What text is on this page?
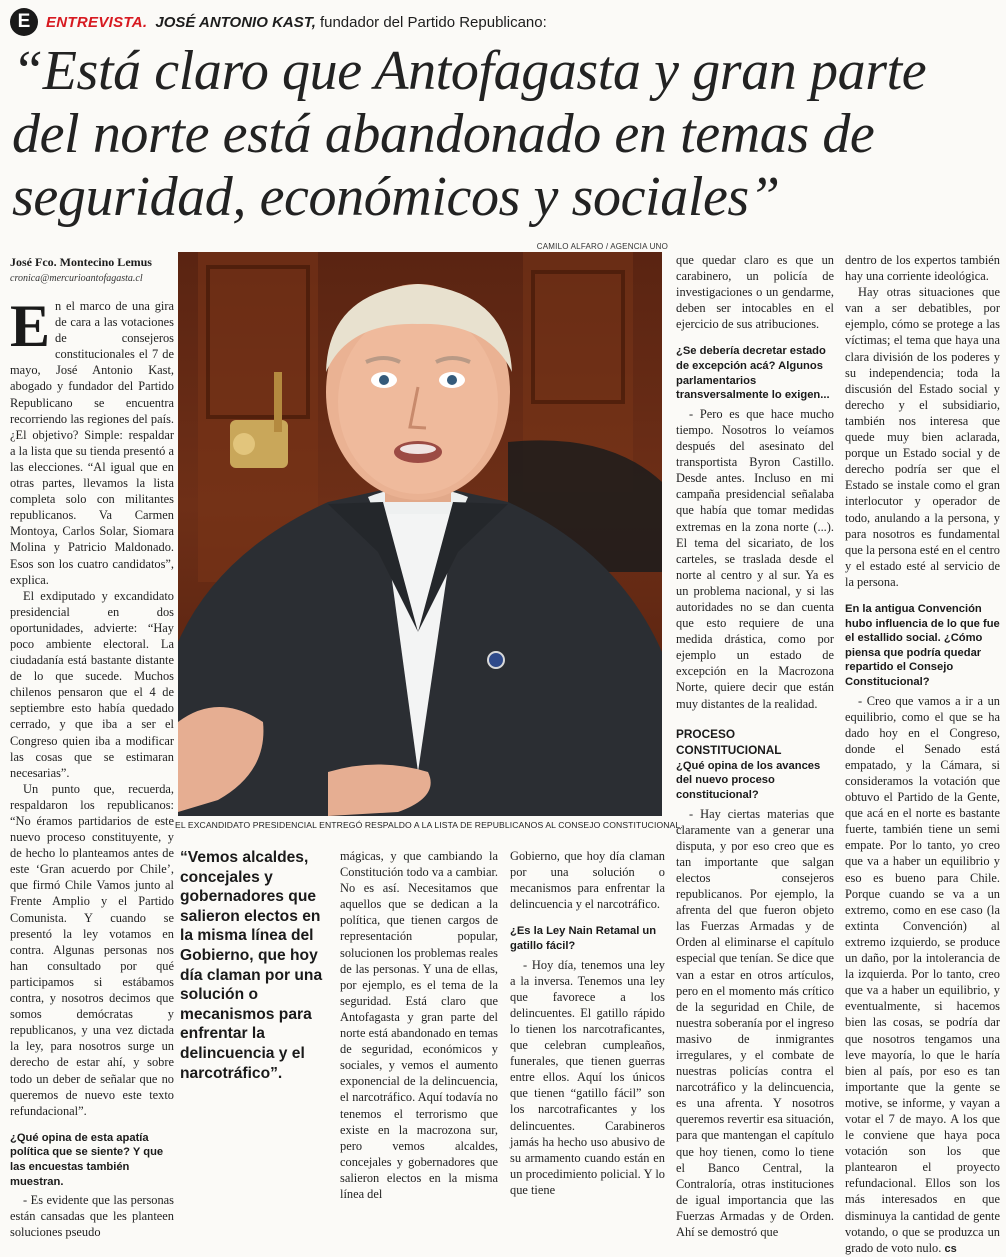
E	ENTREVISTA. JOSÉ ANTONIO KAST, fundador del Partido Republicano:
“Está claro que Antofagasta y gran parte
del norte está abandonado en temas de
seguridad, económicos y sociales”
José Fco. Montecino Lemus
cronica@mercurioantofagasta.cl
CAMILO ALFARO / AGENCIA UNO
EL EXCANDIDATO PRESIDENCIAL ENTREGÓ RESPALDO A LA LISTA DE REPUBLICANOS AL CONSEJO CONSTITUCIONAL.

En el marco de una gira de cara a las votaciones de consejeros constitucionales el 7 de mayo, José Antonio Kast, abogado y fundador del Partido Republicano se encuentra recorriendo las regiones del país. ¿El objetivo? Simple: respaldar a la lista que su tienda presentó a las elecciones. “Al igual que en otras partes, llevamos la lista completa solo con militantes republicanos. Va Carmen Montoya, Carlos Solar, Siomara Molina y Patricio Maldonado. Esos son los cuatro candidatos”, explica.

El exdiputado y excandidato presidencial en dos oportunidades, advierte: “Hay poco ambiente electoral. La ciudadanía está bastante distante de lo que sucede. Muchos chilenos pensaron que el 4 de septiembre esto había quedado cerrado, y que iba a ser el Congreso quien iba a modificar las cosas que se estimaran necesarias”.

Un punto que, recuerda, respaldaron los republicanos: “No éramos partidarios de este nuevo proceso constituyente, y de hecho lo planteamos antes de este ‘Gran acuerdo por Chile’, que firmó Chile Vamos junto al Frente Amplio y el Partido Comunista. Y cuando se presentó la ley votamos en contra. Algunas personas nos han consultado por qué participamos si estábamos contra, y nosotros decimos que somos demócratas y republicanos, y una vez dictada la ley, para nosotros surge un derecho de estar ahí, y sobre todo un deber de señalar que no queremos de nuevo este texto refundacional”.

¿Qué opina de esta apatía política que se siente? Y que las encuestas también muestran.

- Es evidente que las personas están cansadas que les planteen soluciones pseudo

“Vemos alcaldes, concejales y gobernadores que salieron electos en la misma línea del Gobierno, que hoy día claman por una solución o mecanismos para enfrentar la delincuencia y el narcotráfico”.

mágicas, y que cambiando la Constitución todo va a cambiar. No es así. Necesitamos que aquellos que se dedican a la política, que tienen cargos de representación popular, solucionen los problemas reales de las personas. Y una de ellas, por ejemplo, es el tema de la seguridad. Está claro que Antofagasta y gran parte del norte está abandonado en temas de seguridad, económicos y sociales, y vemos el aumento exponencial de la delincuencia, el narcotráfico. Aquí todavía no tenemos el terrorismo que existe en la macrozona sur, pero vemos alcaldes, concejales y gobernadores que salieron electos en la misma línea del

Gobierno, que hoy día claman por una solución o mecanismos para enfrentar la delincuencia y el narcotráfico.

¿Es la Ley Nain Retamal un gatillo fácil?

- Hoy día, tenemos una ley a la inversa. Tenemos una ley que favorece a los delincuentes. El gatillo rápido lo tienen los narcotraficantes, que celebran cumpleaños, funerales, que tienen guerras entre ellos. Aquí los únicos que tienen “gatillo fácil” son los narcotraficantes y los delincuentes. Carabineros jamás ha hecho uso abusivo de su armamento cuando están en un procedimiento policial. Y lo que tiene

que quedar claro es que un carabinero, un policía de investigaciones o un gendarme, deben ser intocables en el ejercicio de sus atribuciones.

¿Se debería decretar estado de excepción acá? Algunos parlamentarios transversalmente lo exigen...

- Pero es que hace mucho tiempo. Nosotros lo veíamos después del asesinato del transportista Byron Castillo. Desde antes. Incluso en mi campaña presidencial señalaba que había que tomar medidas extremas en la zona norte (...). El tema del sicariato, de los carteles, se traslada desde el norte al centro y al sur. Ya es un problema nacional, y si las autoridades no se dan cuenta que esto requiere de una medida drástica, como por ejemplo un estado de excepción en la Macrozona Norte, quiere decir que están muy distantes de la realidad.

PROCESO CONSTITUCIONAL
¿Qué opina de los avances del nuevo proceso constitucional?

- Hay ciertas materias que claramente van a generar una disputa, y por eso creo que es tan importante que salgan electos consejeros republicanos. Por ejemplo, la afrenta del que fueron objeto las Fuerzas Armadas y de Orden al eliminarse el capítulo especial que tenían. Se dice que van a estar en otros artículos, pero en el momento más crítico de la seguridad en Chile, de nuestra soberanía por el ingreso masivo de inmigrantes irregulares, y el combate de nuestras policías contra el narcotráfico y la delincuencia, es una afrenta. Y nosotros queremos revertir esa situación, para que mantengan el capítulo que hoy tienen, como lo tiene el Banco Central, la Contraloría, otras instituciones de igual importancia que las Fuerzas Armadas y de Orden. Ahí se demostró que

dentro de los expertos también hay una corriente ideológica.

Hay otras situaciones que van a ser debatibles, por ejemplo, cómo se protege a las víctimas; el tema que haya una clara división de los poderes y su independencia; toda la discusión del Estado social y derecho y el subsidiario, también nos interesa que quede muy bien aclarada, porque un Estado social y de derecho podría ser que el Estado se instale como el gran interlocutor y operador de todo, anulando a la persona, y para nosotros es fundamental que la persona esté en el centro y el estado esté al servicio de la persona.

En la antigua Convención hubo influencia de lo que fue el estallido social. ¿Cómo piensa que podría quedar repartido el Consejo Constitucional?

- Creo que vamos a ir a un equilibrio, como el que se ha dado hoy en el Congreso, donde el Senado está empatado, y la Cámara, si consideramos la votación que obtuvo el Partido de la Gente, que acá en el norte es bastante fuerte, también tiene un semi empate. Por lo tanto, yo creo que va a haber un equilibrio y eso es bueno para Chile. Porque cuando se va a un extremo, como en ese caso (la extinta Convención) al extremo izquierdo, se produce un daño, por la intolerancia de la izquierda. Por lo tanto, creo que va a haber un equilibrio, y eventualmente, si hacemos bien las cosas, se podría dar que nosotros tengamos una leve mayoría, lo que le haría bien al país, por eso es tan importante que la gente se motive, se informe, y vayan a votar el 7 de mayo. A los que le conviene que haya poca votación son los que plantearon el proyecto refundacional. Ellos son los más interesados en que disminuya la cantidad de gente votando, o que se produzca un grado de voto nulo. cs
